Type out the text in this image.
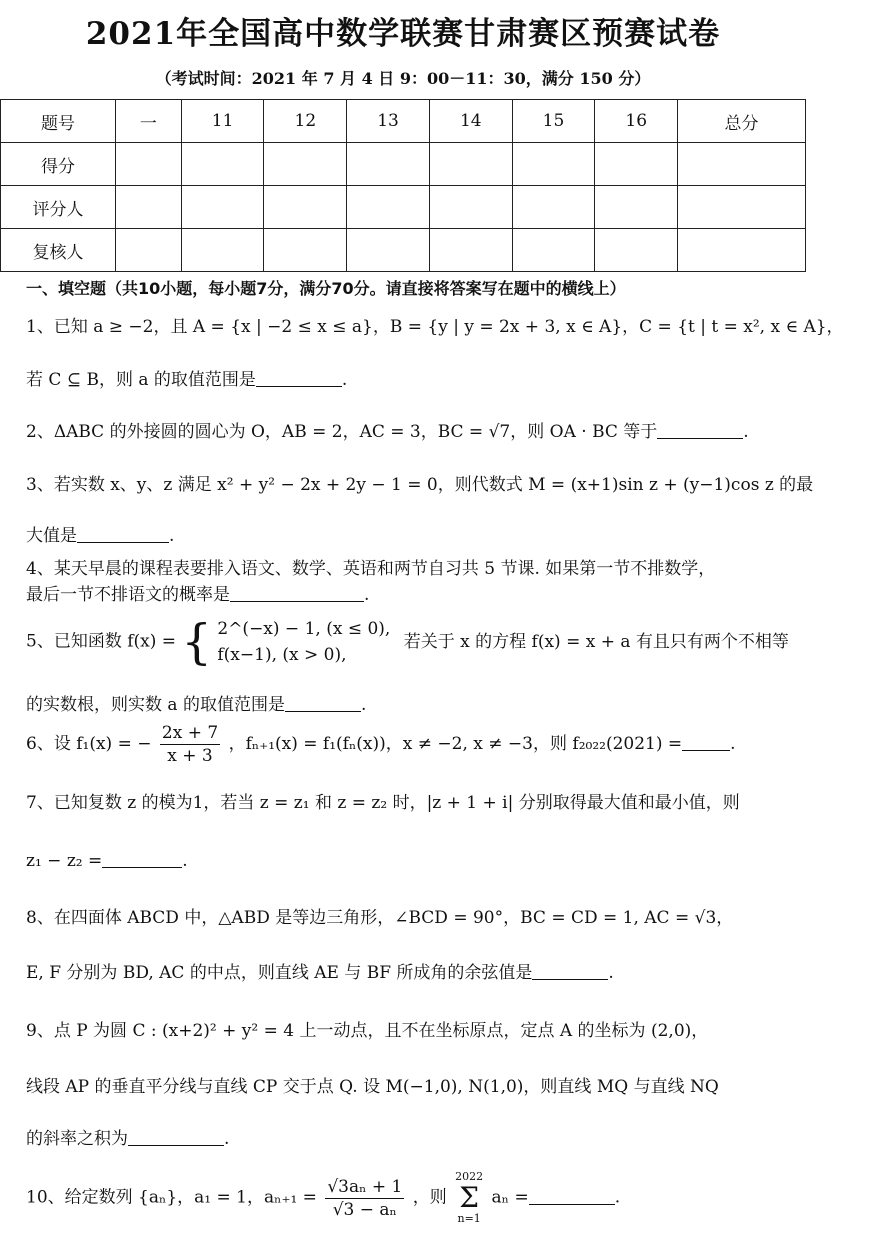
2021年全国高中数学联赛甘肃赛区预赛试卷
（考试时间：2021 年 7 月 4 日 9：00－11：30，满分 150 分）
题号	一	11	12	13	14	15	16	总分
得分								
评分人								
复核人								
一、填空题（共10小题，每小题7分，满分70分。请直接将答案写在题中的横线上）
1、已知 a ≥ −2，且 A = {x | −2 ≤ x ≤ a}，B = {y | y = 2x + 3, x ∈ A}，C = {t | t = x², x ∈ A}，
若 C ⊆ B，则 a 的取值范围是	.
2、ΔABC 的外接圆的圆心为 O，AB = 2，AC = 3，BC = √7，则 OA · BC 等于	.
3、若实数 x、y、z 满足 x² + y² − 2x + 2y − 1 = 0，则代数式 M = (x+1)sin z + (y−1)cos z 的最
大值是	.
4、某天早晨的课程表要排入语文、数学、英语和两节自习共 5 节课. 如果第一节不排数学，
最后一节不排语文的概率是	.
5、已知函数 f(x) = { 2^(−x) − 1, (x ≤ 0),
f(x−1), (x > 0),
若关于 x 的方程 f(x) = x + a 有且只有两个不相等
的实数根，则实数 a 的取值范围是	.
6、设 f₁(x) = − $\frac{2x + 7}{x + 3}$ ，fₙ₊₁(x) = f₁(fₙ(x))，x ≠ −2, x ≠ −3，则 f₂₀₂₂(2021) =	.
7、已知复数 z 的模为1，若当 z = z₁ 和 z = z₂ 时，|z + 1 + i| 分别取得最大值和最小值，则
z₁ − z₂ =	.
8、在四面体 ABCD 中，△ABD 是等边三角形，∠BCD = 90°，BC = CD = 1, AC = √3，
E, F 分别为 BD, AC 的中点，则直线 AE 与 BF 所成角的余弦值是	.
9、点 P 为圆 C : (x+2)² + y² = 4 上一动点，且不在坐标原点，定点 A 的坐标为 (2,0)，
线段 AP 的垂直平分线与直线 CP 交于点 Q. 设 M(−1,0), N(1,0)，则直线 MQ 与直线 NQ
的斜率之积为	.
10、给定数列 {aₙ}，a₁ = 1，$a_{n+1} = \frac{\text{√3aₙ + 1}}{\text{√3 − aₙ}}$ ，则
2022
Σ
n=1
aₙ =	.
